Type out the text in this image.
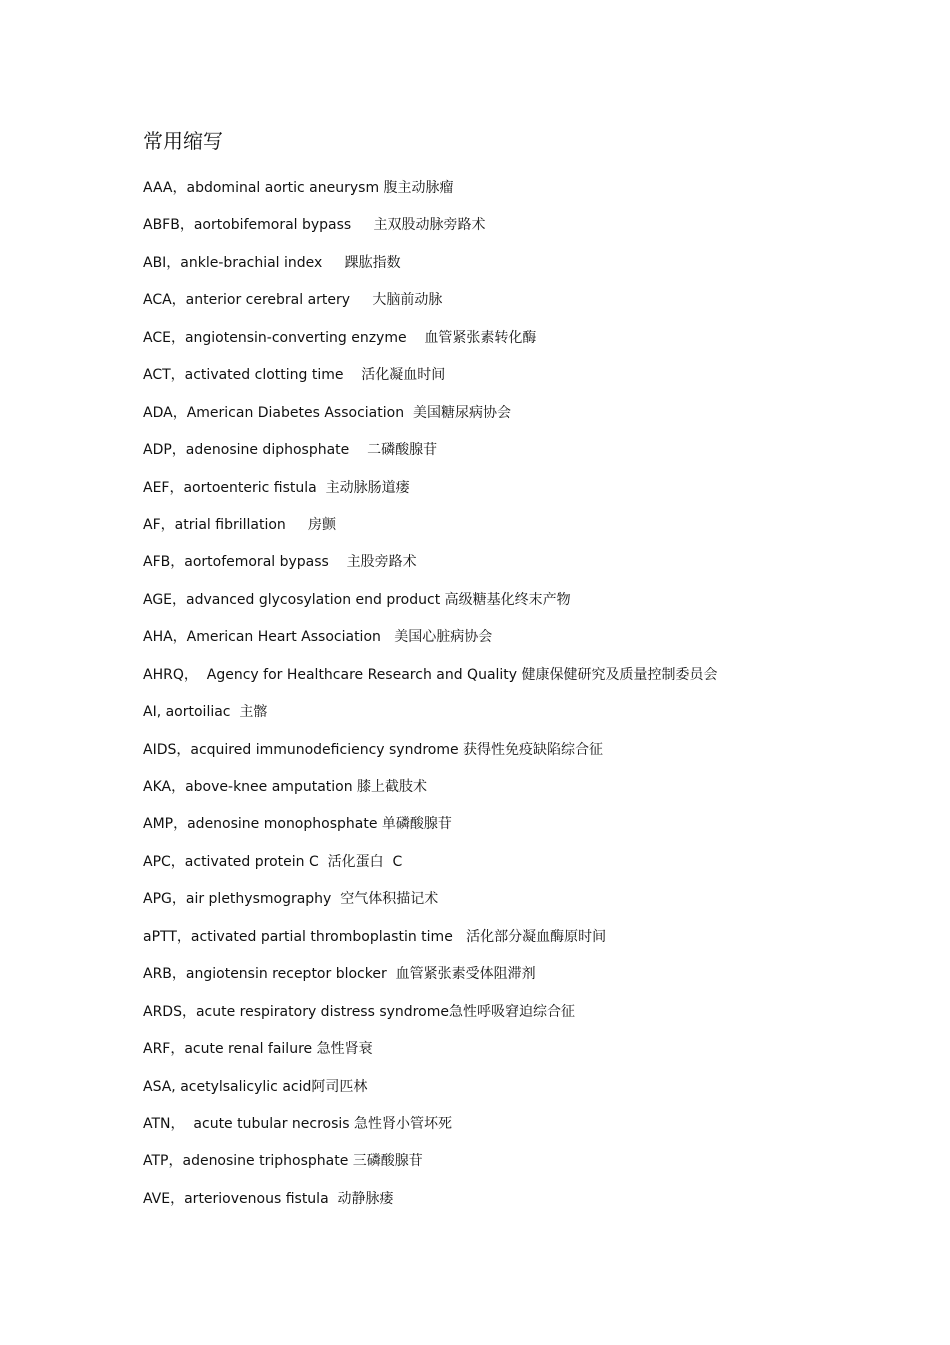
常用缩写
AAA，abdominal aortic aneurysm 腹主动脉瘤
ABFB，aortobifemoral bypass     主双股动脉旁路术
ABI，ankle-brachial index     踝肱指数
ACA，anterior cerebral artery     大脑前动脉
ACE，angiotensin-converting enzyme    血管紧张素转化酶
ACT，activated clotting time    活化凝血时间
ADA，American Diabetes Association  美国糖尿病协会
ADP，adenosine diphosphate    二磷酸腺苷
AEF，aortoenteric fistula  主动脉肠道瘘
AF，atrial fibrillation     房颤
AFB，aortofemoral bypass    主股旁路术
AGE，advanced glycosylation end product 高级糖基化终末产物
AHA，American Heart Association   美国心脏病协会
AHRQ，  Agency for Healthcare Research and Quality 健康保健研究及质量控制委员会
AI, aortoiliac  主髂
AIDS，acquired immunodeficiency syndrome 获得性免疫缺陷综合征
AKA，above-knee amputation 膝上截肢术
AMP，adenosine monophosphate 单磷酸腺苷
APC，activated protein C  活化蛋白  C
APG，air plethysmography  空气体积描记术
aPTT，activated partial thromboplastin time   活化部分凝血酶原时间
ARB，angiotensin receptor blocker  血管紧张素受体阻滞剂
ARDS，acute respiratory distress syndrome急性呼吸窘迫综合征
ARF，acute renal failure 急性肾衰
ASA, acetylsalicylic acid阿司匹林
ATN，  acute tubular necrosis 急性肾小管坏死
ATP，adenosine triphosphate 三磷酸腺苷
AVE，arteriovenous fistula  动静脉瘘
